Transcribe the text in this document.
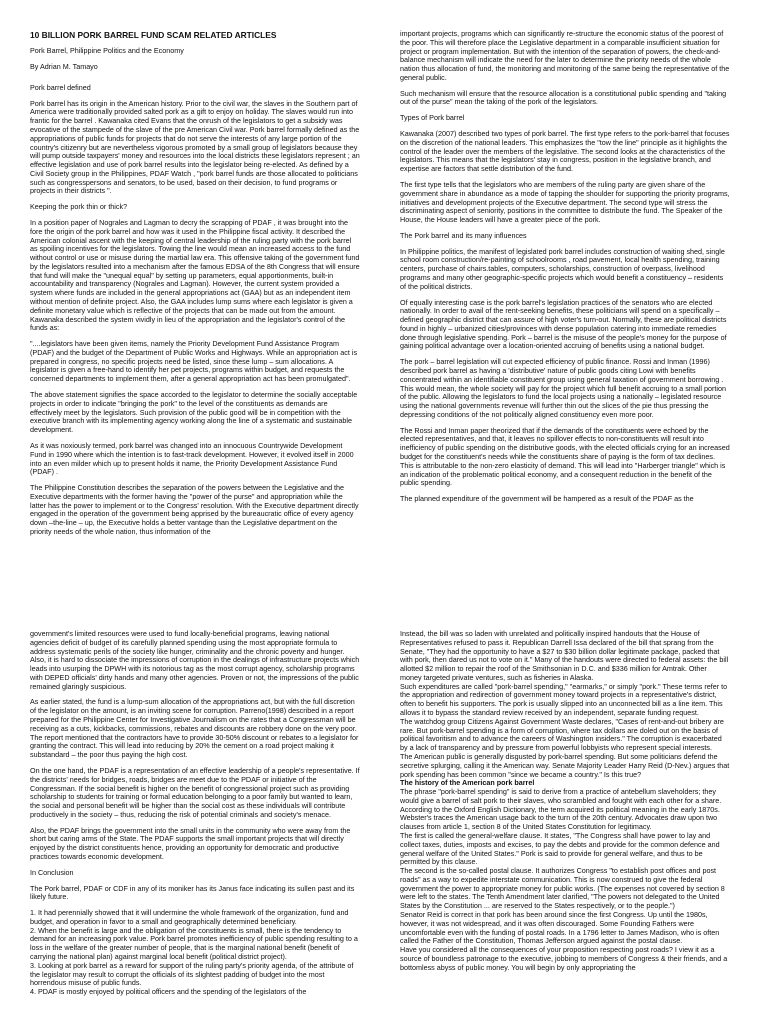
10 BILLION PORK BARREL FUND SCAM RELATED ARTICLES

Pork Barrel, Philippine Politics and the Economy

By Adrian M. Tamayo

Pork barrel defined

Pork barrel has its origin in the American history. Prior to the civil war, the slaves in the Southern part of America were traditionally provided salted pork as a gift to enjoy on holiday. The slaves would run into frantic for the barrel . Kawanaka cited Evans that the onrush of the legislators to get a subsidy was evocative of the stampede of the slave of the pre American Civil war. Pork barrel formally defined as the appropriations of public funds for projects that do not serve the interests of any large portion of the country's citizenry but are nevertheless vigorous promoted by a small group of legislators because they will pump outside taxpayers' money and resources into the local districts these legislators represent ; an effective legislation and use of pork barrel results into the legislator being re-elected. As defined by a Civil Society group in the Philippines, PDAF Watch , "pork barrel funds are those allocated to politicians such as congresspersons and senators, to be used, based on their decision, to fund programs or projects in their districts ".

Keeping the pork thin or thick?

In a position paper of Nograles and Lagman to decry the scrapping of PDAF , it was brought into the fore the origin of the pork barrel and how was it used in the Philippine fiscal activity. It described the American colonial ascent with the keeping of central leadership of the ruling party with the pork barrel as spoiling incentives for the legislators. Towing the line would mean an increased access to the fund without control or use or misuse during the martial law era. This offensive taking of the government fund by the legislators resulted into a mechanism after the famous EDSA of the 8th Congress that will ensure that fund will make the "unequal equal" by setting up parameters, equal apportionments, built-in accountability and transparency (Nograles and Lagman). However, the current system provided a system where funds are included in the general appropriations act (GAA) but as an independent item without mention of definite project. Also, the GAA includes lump sums where each legislator is given a definite monetary value which is reflective of the projects that can be made out from the amount. Kawanaka described the system vividly in lieu of the appropriation and the legislator's control of the funds as:

"....legislators have been given items, namely the Priority Development Fund Assistance Program (PDAF) and the budget of the Department of Public Works and Highways. While an appropriation act is prepared in congress, no specific projects need be listed, since these lump – sum allocations. A legislator is given a free-hand to identify her pet projects, programs within budget, and requests the concerned departments to implement them, after a general appropriation act has been promulgated".

The above statement signifies the space accorded to the legislator to determine the socially acceptable projects in order to indicate "bringing the pork" to the level of the constituents as demands are effectively meet by the legislators. Such provision of the public good will be in competition with the executive branch with its implementing agency working along the line of a systematic and sustainable development.

As it was noxiously termed, pork barrel was changed into an innocuous Countrywide Development Fund in 1990 where which the intention is to fast-track development. However, it evolved itself in 2000 into an even milder which up to present holds it name, the Priority Development Assistance Fund (PDAF) .

The Philippine Constitution describes the separation of the powers between the Legislative and the Executive departments with the former having the "power of the purse" and appropriation while the latter has the power to implement or to the Congress' resolution. With the Executive department directly engaged in the operation of the government being apprised by the bureaucratic office of every agency down –the-line – up, the Executive holds a better vantage than the Legislative department on the priority needs of the whole nation, thus information of the

important projects, programs which can significantly re-structure the economic status of the poorest of the poor. This will therefore place the Legislative department in a comparable insufficient situation for project or program implementation. But with the intention of the separation of powers, the check-and-balance mechanism will indicate the need for the later to determine the priority needs of the whole nation thus allocation of fund, the monitoring and monitoring of the same being the representative of the general public.

Such mechanism will ensure that the resource allocation is a constitutional public spending and "taking out of the purse" mean the taking of the pork of the legislators.

Types of Pork barrel

Kawanaka (2007) described two types of pork barrel. The first type refers to the pork-barrel that focuses on the discretion of the national leaders. This emphasizes the "tow the line" principle as it highlights the control of the leader over the members of the legislative. The second looks at the characteristics of the legislators. This means that the legislators' stay in congress, position in the legislative branch, and expertise are factors that settle distribution of the fund.

The first type tells that the legislators who are members of the ruling party are given share of the government share in abundance as a mode of tapping the shoulder for supporting the priority programs, initiatives and development projects of the Executive department. The second type will stress the discriminating aspect of seniority, positions in the committee to distribute the fund. The Speaker of the House, the House leaders will have a greater piece of the pork.

The Pork barrel and its many influences

In Philippine politics, the manifest of legislated pork barrel includes construction of waiting shed, single school room construction/re-painting of schoolrooms , road pavement, local health spending, training centers, purchase of chairs.tables, computers, scholarships, construction of overpass, livelihood programs and many other geographic-specific projects which would benefit a constituency – residents of the political districts.

Of equally interesting case is the pork barrel's legislation practices of the senators who are elected nationally. In order to avail of the rent-seeking benefits, these politicians will spend on a specifically –defined geographic district that can assure of high voter's turn-out. Normally, these are political districts found in highly – urbanized cities/provinces with dense population catering into immediate remedies done through legislative spending. Pork – barrel is the misuse of the people's money for the purpose of gaining political advantage over a location-oriented accruing of benefits using a national budget.

The pork – barrel legislation will cut expected efficiency of public finance. Rossi and Inman (1996) described pork barrel as having a 'distributive' nature of public goods citing Lowi with benefits concentrated within an identifiable constituent group using general taxation of government borrowing . This would mean, the whole society will pay for the project which full benefit accruing to a small portion of the public. Allowing the legislators to fund the local projects using a nationally – legislated resource using the national governments revenue will further thin out the slices of the pie thus pressing the depressing conditions of the not politically aligned constituency even more poor.

The Rossi and Inman paper theorized that if the demands of the constituents were echoed by the elected representatives, and that, it leaves no spillover effects to non-constituents will result into inefficiency of public spending on the distributive goods, with the elected officials crying for an increased budget for the constituent's needs while the constituents share of paying is the form of tax declines. This is attributable to the non-zero elasticity of demand. This will lead into "Harberger triangle" which is an indication of the problematic political economy, and a consequent reduction in the benefit of the public spending.

The planned expenditure of the government will be hampered as a result of the PDAF as the

government's limited resources were used to fund locally-beneficial programs, leaving national agencies deficit of budget of its carefully planned spending using the most appropriate formula to address systematic perils of the society like hunger, criminality and the chronic poverty and hunger. Also, it is hard to dissociate the impressions of corruption in the dealings of infrastructure projects which leads into usurping the DPWH with its notorious tag as the most corrupt agency, scholarship programs with DEPED officials' dirty hands and many other agencies. Proven or not, the impressions of the public remained glaringly suspicious.

As earlier stated, the fund is a lump-sum allocation of the appropriations act, but with the full discretion of the legislator on the amount, is an inviting scene for corruption. Parreno(1998) described in a report prepared for the Philippine Center for Investigative Journalism on the rates that a Congressman will be receiving as a cuts, kickbacks, commissions, rebates and discounts are robbery done on the very poor. The report mentioned that the contractors have to provide 30-50% discount or rebates to a legislator for granting the contract. This will lead into reducing by 20% the cement on a road project making it substandard – the poor thus paying the high cost.

On the one hand, the PDAF is a representation of an effective leadership of a people's representative. If the districts' needs for bridges, roads, bridges are meet due to the PDAF or initiative of the Congressman. If the social benefit is higher on the benefit of congressional project such as providing scholarship to students for training or formal education belonging to a poor family but wanted to learn, the social and personal benefit will be higher than the social cost as these individuals will contribute productively in the society – thus, reducing the risk of potential criminals and society's menace.

Also, the PDAF brings the government into the small units in the community who were away from the short but caring arms of the State. The PDAF supports the small important projects that will directly enjoyed by the district constituents hence, providing an opportunity for democratic and productive practices towards economic development.

In Conclusion

The Pork barrel, PDAF or CDF in any of its moniker has its Janus face indicating its sullen past and its likely future.

1. It had perennially showed that it will undermine the whole framework of the organization, fund and budget, and operation in favor to a small and geographically determined beneficiary.

2. When the benefit is large and the obligation of the constituents is small, there is the tendency to demand for an increasing pork value. Pork barrel promotes inefficiency of public spending resulting to a loss in the welfare of the greater number of people, that is the marginal national benefit (benefit of carrying the national plan) against marginal local benefit (political district project).

3. Looking at pork barrel as a reward for support of the ruling party's priority agenda, of the attribute of the legislator may result to corrupt the officials of its slightest padding of budget into the most horrendous misuse of public funds.

4. PDAF is mostly enjoyed by political officers and the spending of the legislators of the

Instead, the bill was so laden with unrelated and politically inspired handouts that the House of Representatives refused to pass it. Republican Darrell Issa declared of the bill that sprang from the Senate, "They had the opportunity to have a $27 to $30 billion dollar legitimate package, packed that with pork, then dared us not to vote on it." Many of the handouts were directed to federal assets: the bill allotted $2 million to repair the roof of the Smithsonian in D.C. and $336 million for Amtrak. Other money targeted private ventures, such as fisheries in Alaska.

Such expenditures are called "pork-barrel spending," "earmarks," or simply "pork." These terms refer to the appropriation and redirection of government money toward projects in a representative's district, often to benefit his supporters. The pork is usually slipped into an unconnected bill as a line item. This allows it to bypass the standard review received by an independent, separate funding request.

The watchdog group Citizens Against Government Waste declares, "Cases of rent-and-out bribery are rare. But pork-barrel spending is a form of corruption, where tax dollars are doled out on the basis of political favoritism and to advance the careers of Washington insiders." The corruption is exacerbated by a lack of transparency and by pressure from powerful lobbyists who represent special interests.

The American public is generally disgusted by pork-barrel spending. But some politicians defend the secretive splurging, calling it the American way. Senate Majority Leader Harry Reid (D-Nev.) argues that pork spending has been common "since we became a country." Is this true?

The history of the American pork barrel

The phrase "pork-barrel spending" is said to derive from a practice of antebellum slaveholders; they would give a barrel of salt pork to their slaves, who scrambled and fought with each other for a share. According to the Oxford English Dictionary, the term acquired its political meaning in the early 1870s. Webster's traces the American usage back to the turn of the 20th century. Advocates draw upon two clauses from article 1, section 8 of the United States Constitution for legitimacy.

The first is called the general-welfare clause. It states, "The Congress shall have power to lay and collect taxes, duties, imposts and excises, to pay the debts and provide for the common defence and general welfare of the United States." Pork is said to provide for general welfare, and thus to be permitted by this clause.

The second is the so-called postal clause. It authorizes Congress "to establish post offices and post roads" as a way to expedite interstate communication. This is now construed to give the federal government the power to appropriate money for public works. (The expenses not covered by section 8 were left to the states. The Tenth Amendment later clarified, "The powers not delegated to the United States by the Constitution ... are reserved to the States respectively, or to the people.")

Senator Reid is correct in that pork has been around since the first Congress. Up until the 1980s, however, it was not widespread, and it was often discouraged. Some Founding Fathers were uncomfortable even with the funding of postal roads. In a 1796 letter to James Madison, who is often called the Father of the Constitution, Thomas Jefferson argued against the postal clause.

Have you considered all the consequences of your proposition respecting post roads? I view it as a source of boundless patronage to the executive, jobbing to members of Congress & their friends, and a bottomless abyss of public money. You will begin by only appropriating the
